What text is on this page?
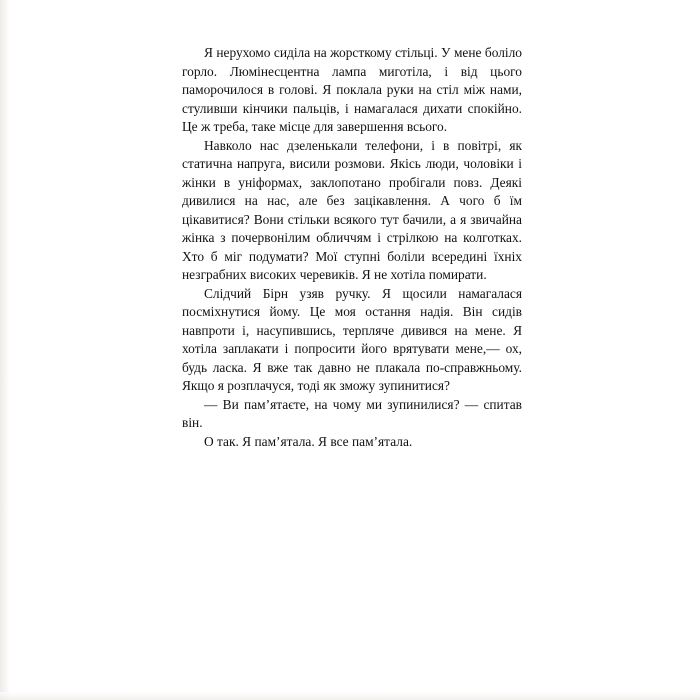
Я нерухомо сиділа на жорсткому стільці. У мене боліло горло. Люмінесцентна лампа миготіла, і від цього паморочилося в голові. Я поклала руки на стіл між нами, стуливши кінчики пальців, і намагалася дихати спокійно. Це ж треба, таке місце для завершення всього.

Навколо нас дзеленькали телефони, і в повітрі, як статична напруга, висили розмови. Якісь люди, чоловіки і жінки в уніформах, заклопотано пробігали повз. Деякі дивилися на нас, але без зацікавлення. А чого б їм цікавитися? Вони стільки всякого тут бачили, а я звичайна жінка з почервонілим обличчям і стрілкою на колготках. Хто б міг подумати? Мої ступні боліли всередині їхніх незграбних високих черевиків. Я не хотіла помирати.

Слідчий Бірн узяв ручку. Я щосили намагалася посміхнутися йому. Це моя остання надія. Він сидів навпроти і, насупившись, терпляче дивився на мене. Я хотіла заплакати і попросити його врятувати мене,— ох, будь ласка. Я вже так давно не плакала по-справжньому. Якщо я розплачуся, тоді як зможу зупинитися?

— Ви пам’ятаєте, на чому ми зупинилися? — спитав він.

О так. Я пам’ятала. Я все пам’ятала.
